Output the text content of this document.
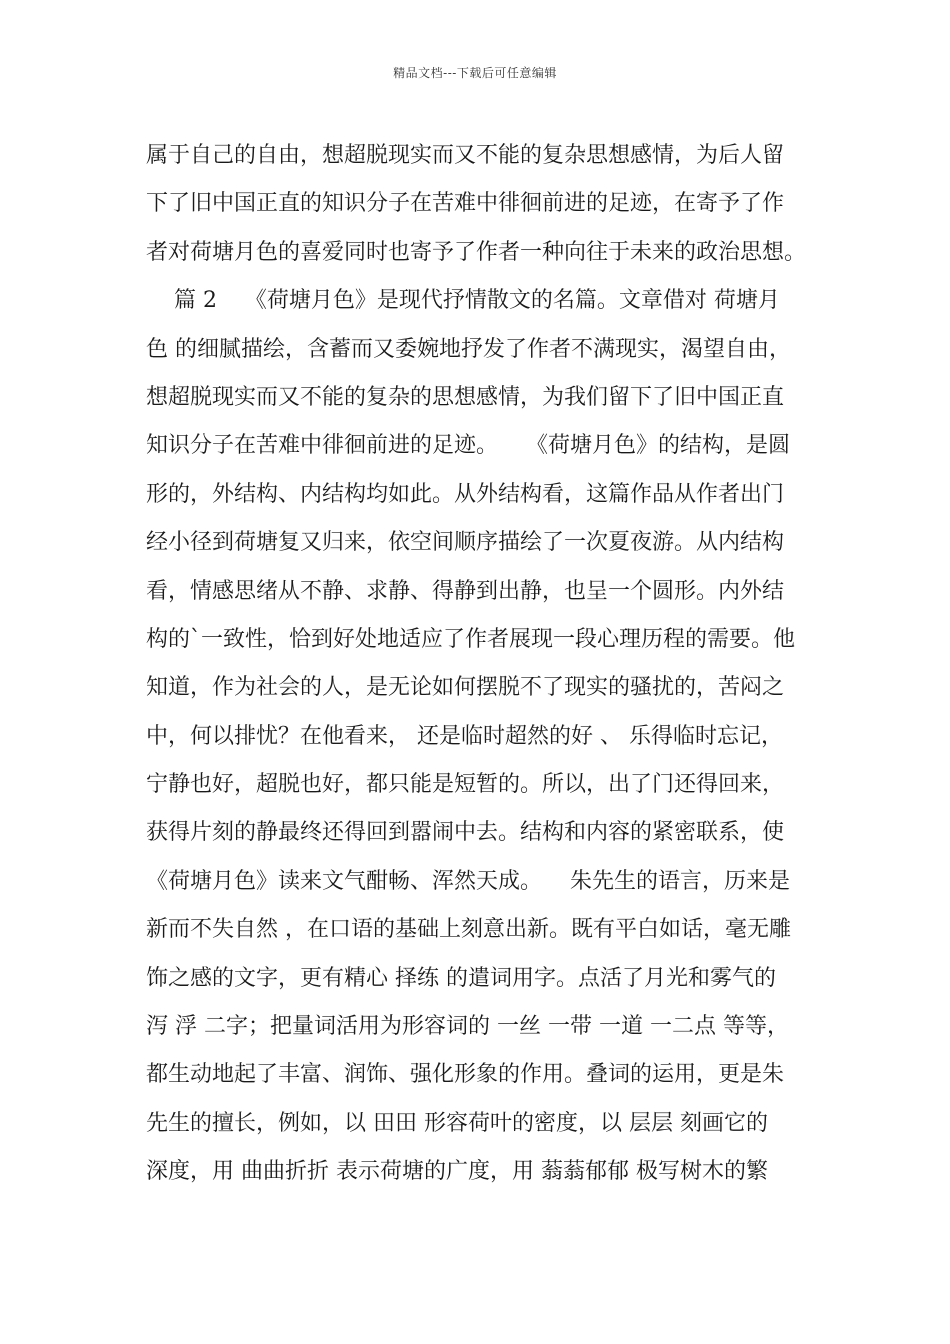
精品文档---下载后可任意编辑
属于自己的自由，想超脱现实而又不能的复杂思想感情，为后人留
下了旧中国正直的知识分子在苦难中徘徊前进的足迹，在寄予了作
者对荷塘月色的喜爱同时也寄予了作者一种向往于未来的政治思想。
篇 2    《荷塘月色》是现代抒情散文的名篇。文章借对 荷塘月
色 的细腻描绘，含蓄而又委婉地抒发了作者不满现实，渴望自由，
想超脱现实而又不能的复杂的思想感情，为我们留下了旧中国正直
知识分子在苦难中徘徊前进的足迹。    《荷塘月色》的结构，是圆
形的，外结构、内结构均如此。从外结构看，这篇作品从作者出门
经小径到荷塘复又归来，依空间顺序描绘了一次夏夜游。从内结构
看，情感思绪从不静、求静、得静到出静，也呈一个圆形。内外结
构的`一致性，恰到好处地适应了作者展现一段心理历程的需要。他
知道，作为社会的人，是无论如何摆脱不了现实的骚扰的，苦闷之
中，何以排忧？在他看来， 还是临时超然的好 、 乐得临时忘记，
宁静也好，超脱也好，都只能是短暂的。所以，出了门还得回来，
获得片刻的静最终还得回到嚣闹中去。结构和内容的紧密联系，使
《荷塘月色》读来文气酣畅、浑然天成。    朱先生的语言，历来是
新而不失自然 ，在口语的基础上刻意出新。既有平白如话，毫无雕
饰之感的文字，更有精心 择练 的遣词用字。点活了月光和雾气的
泻 浮 二字；把量词活用为形容词的 一丝 一带 一道 一二点 等等，
都生动地起了丰富、润饰、强化形象的作用。叠词的运用，更是朱
先生的擅长，例如，以 田田 形容荷叶的密度，以 层层 刻画它的
深度，用 曲曲折折 表示荷塘的广度，用 蓊蓊郁郁 极写树木的繁
